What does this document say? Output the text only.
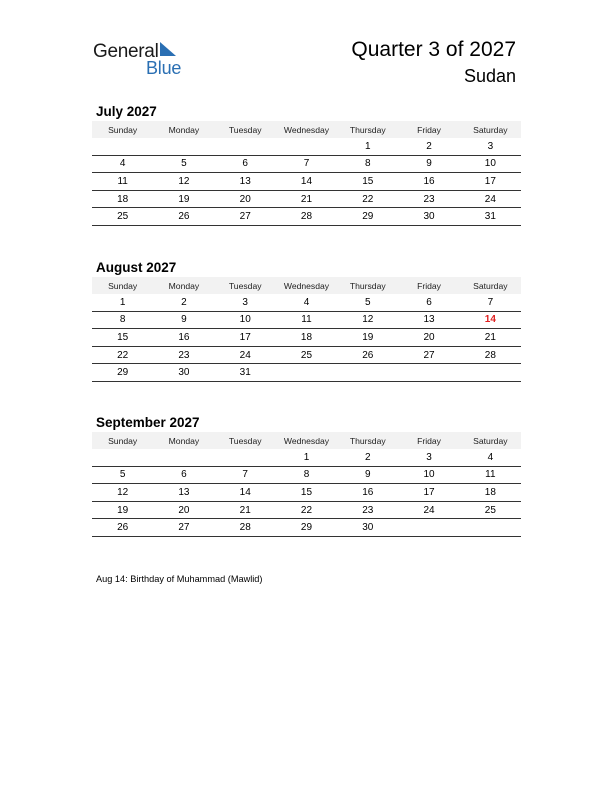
General
Blue
Quarter 3 of 2027
Sudan
July 2027
Sunday	Monday	Tuesday	Wednesday	Thursday	Friday	Saturday
				1	2	3
4	5	6	7	8	9	10
11	12	13	14	15	16	17
18	19	20	21	22	23	24
25	26	27	28	29	30	31
August 2027
Sunday	Monday	Tuesday	Wednesday	Thursday	Friday	Saturday
1	2	3	4	5	6	7
8	9	10	11	12	13	14
15	16	17	18	19	20	21
22	23	24	25	26	27	28
29	30	31				
September 2027
Sunday	Monday	Tuesday	Wednesday	Thursday	Friday	Saturday
			1	2	3	4
5	6	7	8	9	10	11
12	13	14	15	16	17	18
19	20	21	22	23	24	25
26	27	28	29	30		
Aug 14: Birthday of Muhammad (Mawlid)
